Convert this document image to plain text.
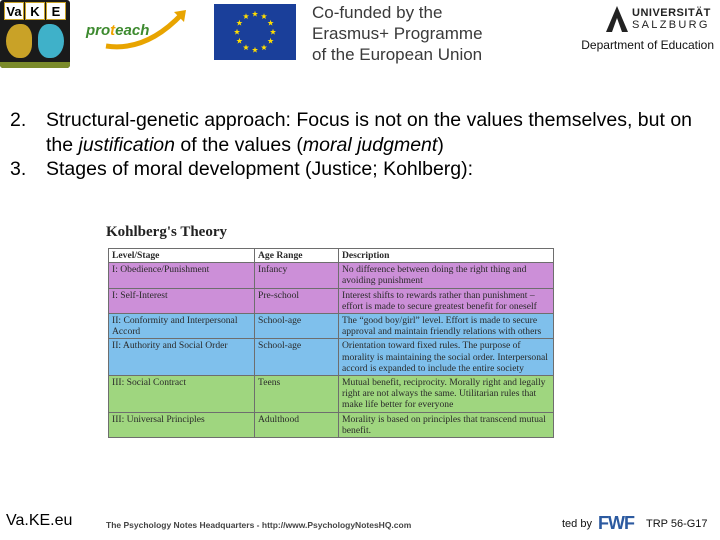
Va K E
proteach
Co-funded by the
Erasmus+ Programme
of the European Union
UNIVERSITÄT
SALZBURG
Department of Education
2.	Structural-genetic approach: Focus is not on the values themselves, but on the justification of the values (moral judgment)
3.	Stages of moral development (Justice; Kohlberg):
Kohlberg's Theory
Level/Stage	Age Range	Description
I: Obedience/Punishment	Infancy	No difference between doing the right thing and avoiding punishment
I: Self-Interest	Pre-school	Interest shifts to rewards rather than punishment – effort is made to secure greatest benefit for oneself
II: Conformity and Interpersonal Accord	School-age	The “good boy/girl” level. Effort is made to secure approval and maintain friendly relations with others
II: Authority and Social Order	School-age	Orientation toward fixed rules. The purpose of morality is maintaining the social order. Interpersonal accord is expanded to include the entire society
III: Social Contract	Teens	Mutual benefit, reciprocity. Morally right and legally right are not always the same. Utilitarian rules that make life better for everyone
III: Universal Principles	Adulthood	Morality is based on principles that transcend mutual benefit.
The Psychology Notes Headquarters - http://www.PsychologyNotesHQ.com
Va.KE.eu	ted by FWF TRP 56-G17
